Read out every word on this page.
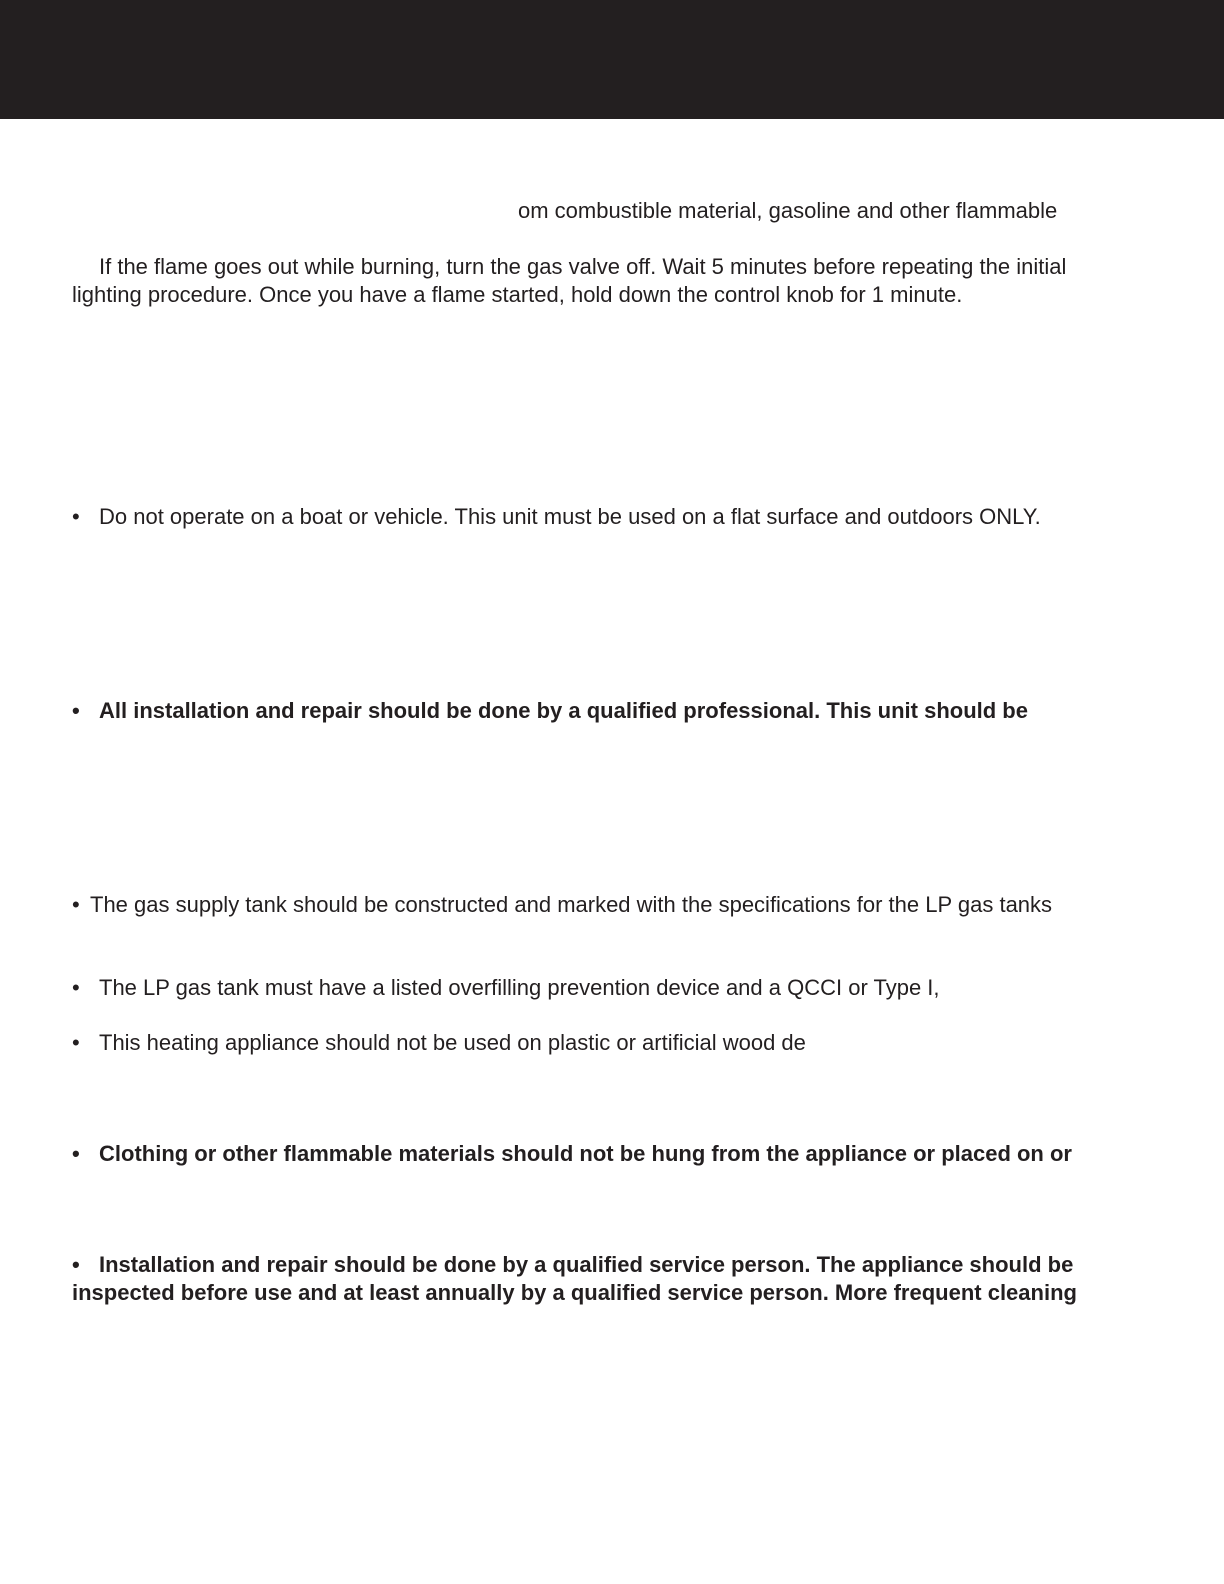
om combustible material, gasoline and other flammable

If the flame goes out while burning, turn the gas valve off. Wait 5 minutes before repeating the initial

lighting procedure. Once you have a flame started, hold down the control knob for 1 minute.

• Do not operate on a boat or vehicle. This unit must be used on a flat surface and outdoors ONLY.

• All installation and repair should be done by a qualified professional. This unit should be

• The gas supply tank should be constructed and marked with the specifications for the LP gas tanks

• The LP gas tank must have a listed overfilling prevention device and a QCCI or Type I,

• This heating appliance should not be used on plastic or artificial wood de

• Clothing or other flammable materials should not be hung from the appliance or placed on or

• Installation and repair should be done by a qualified service person. The appliance should be

inspected before use and at least annually by a qualified service person. More frequent cleaning
